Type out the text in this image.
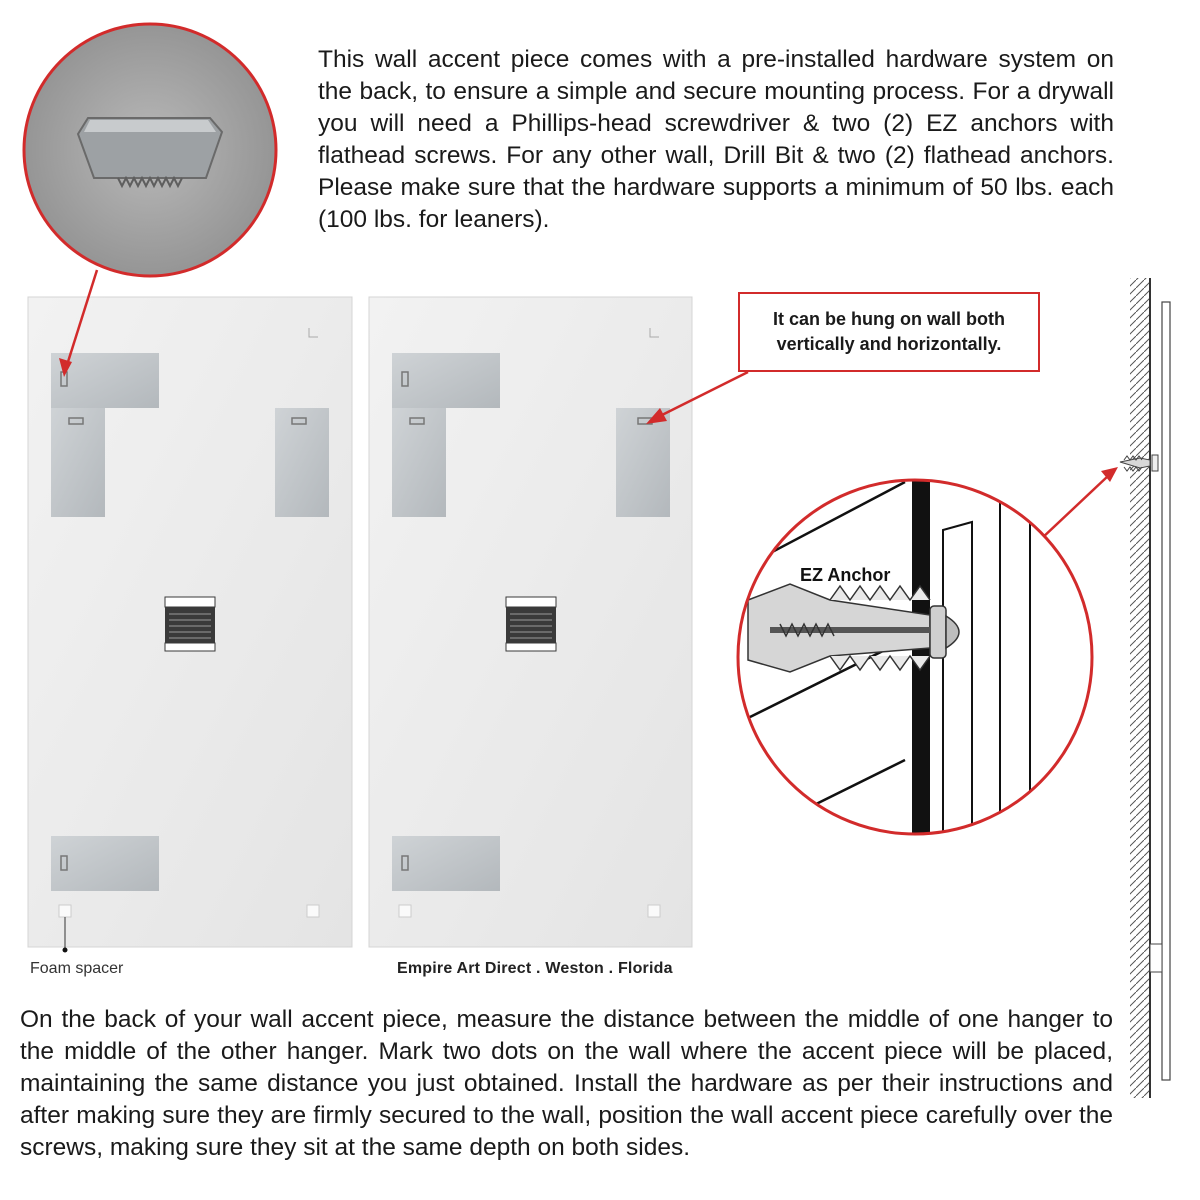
This wall accent piece comes with a pre-installed hardware system on the back, to ensure a simple and secure mounting process. For a drywall you will need a Phillips-head screwdriver & two (2) EZ anchors with flathead screws. For any other wall, Drill Bit & two (2) flathead anchors. Please make sure that the hardware supports a minimum of 50 lbs. each (100 lbs. for leaners).
EZ Anchor
It can be hung on wall both vertically and horizontally.
Foam spacer	Empire Art Direct . Weston . Florida
On the back of your wall accent piece, measure the distance between the middle of one hanger to the middle of the other hanger. Mark two dots on the wall where the accent piece will be placed, maintaining the same distance you just obtained. Install the hardware as per their instructions and after making sure they are firmly secured to the wall, position the wall accent piece carefully over the screws, making sure they sit at the same depth on both sides.
